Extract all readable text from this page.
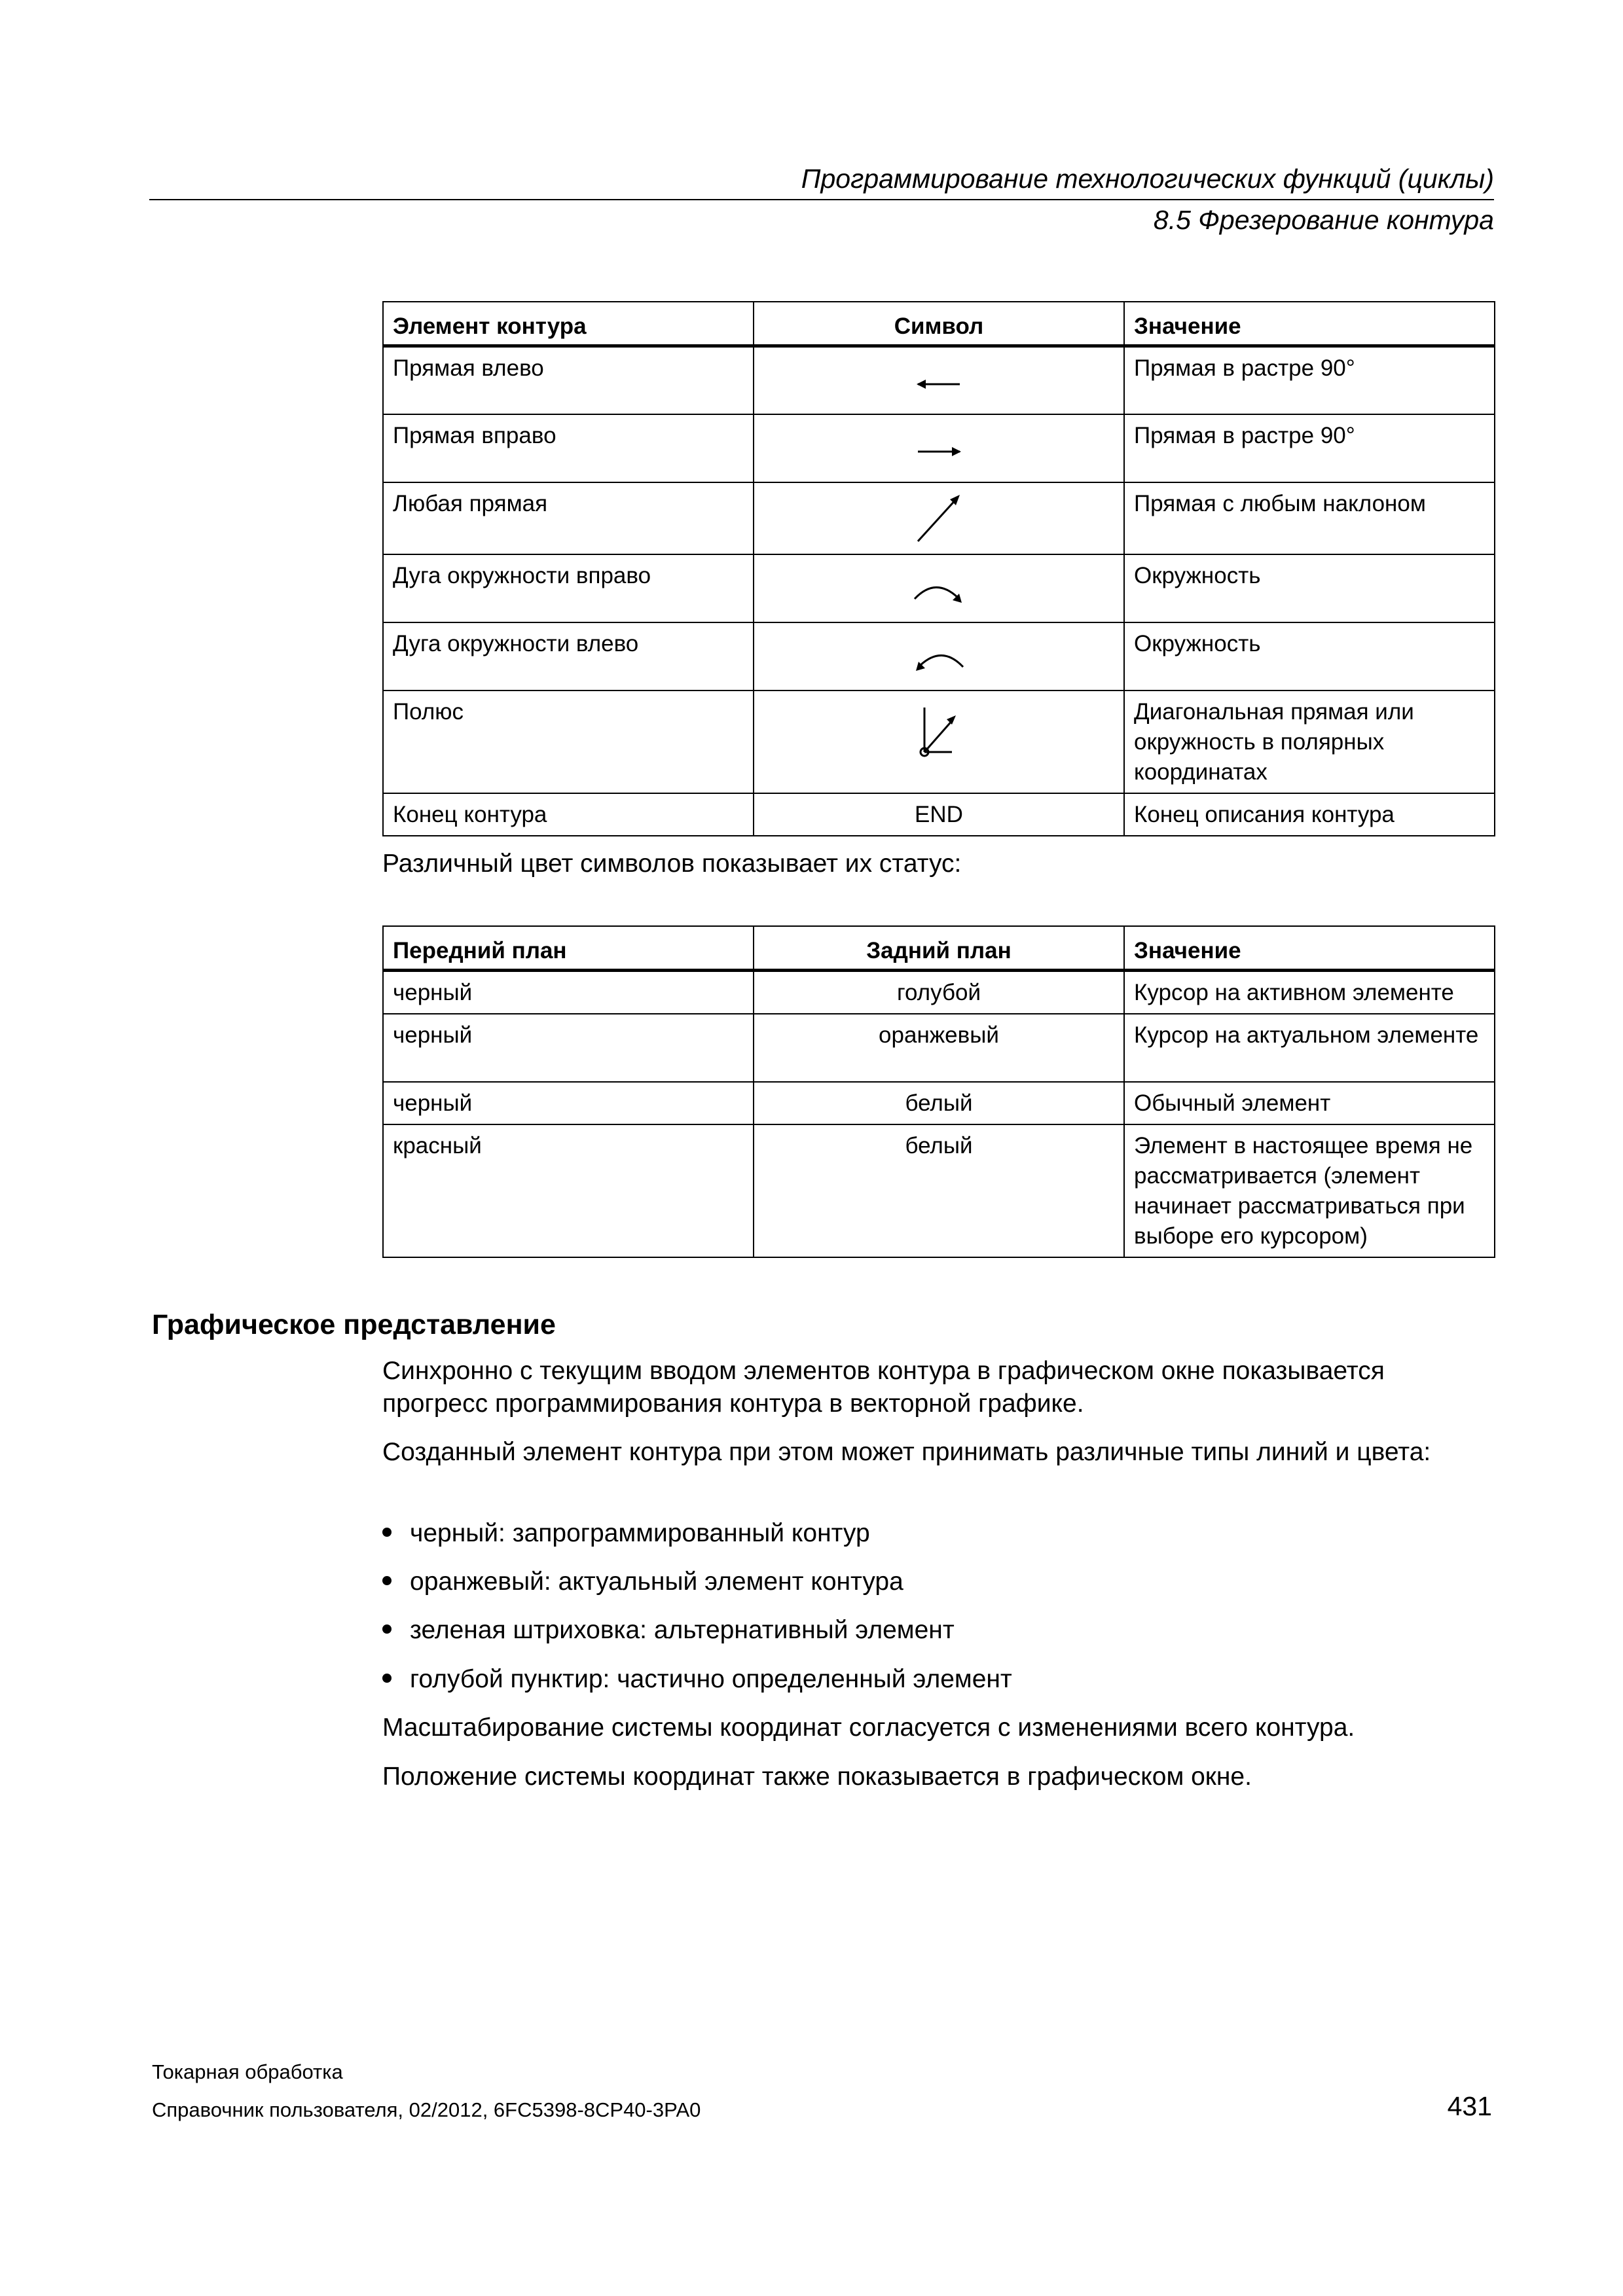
Программирование технологических функций (циклы)
8.5 Фрезерование контура
Элемент контура	Символ	Значение
Прямая влево		Прямая в растре 90°
Прямая вправо		Прямая в растре 90°
Любая прямая		Прямая с любым наклоном
Дуга окружности вправо		Окружность
Дуга окружности влево		Окружность
Полюс		Диагональная прямая или окружность в полярных координатах
Конец контура	END	Конец описания контура
Различный цвет символов показывает их статус:
Передний план	Задний план	Значение
черный	голубой	Курсор на активном элементе
черный	оранжевый	Курсор на актуальном элементе
черный	белый	Обычный элемент
красный	белый	Элемент в настоящее время не рассматривается (элемент начинает рассматриваться при выборе его курсором)
Графическое представление
Синхронно с текущим вводом элементов контура в графическом окне показывается прогресс программирования контура в векторной графике.
Созданный элемент контура при этом может принимать различные типы линий и цвета:
черный: запрограммированный контур
оранжевый: актуальный элемент контура
зеленая штриховка: альтернативный элемент
голубой пунктир: частично определенный элемент
Масштабирование системы координат согласуется с изменениями всего контура.
Положение системы координат также показывается в графическом окне.
Токарная обработка
Справочник пользователя, 02/2012, 6FC5398-8CP40-3PA0	431
